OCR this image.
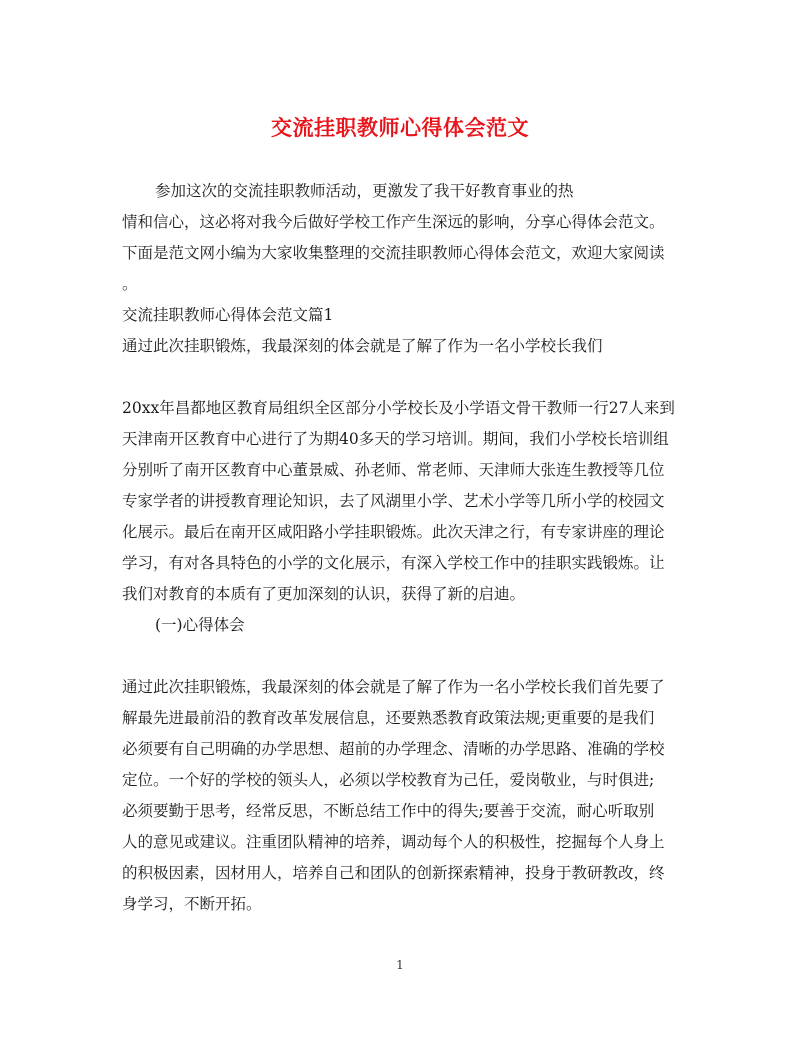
交流挂职教师心得体会范文
参加这次的交流挂职教师活动，更激发了我干好教育事业的热
情和信心，这必将对我今后做好学校工作产生深远的影响，分享心得体会范文。
下面是范文网小编为大家收集整理的交流挂职教师心得体会范文，欢迎大家阅读
。
交流挂职教师心得体会范文篇1
通过此次挂职锻炼，我最深刻的体会就是了解了作为一名小学校长我们
20xx年昌都地区教育局组织全区部分小学校长及小学语文骨干教师一行27人来到
天津南开区教育中心进行了为期40多天的学习培训。期间，我们小学校长培训组
分别听了南开区教育中心董景威、孙老师、常老师、天津师大张连生教授等几位
专家学者的讲授教育理论知识，去了风湖里小学、艺术小学等几所小学的校园文
化展示。最后在南开区咸阳路小学挂职锻炼。此次天津之行，有专家讲座的理论
学习，有对各具特色的小学的文化展示，有深入学校工作中的挂职实践锻炼。让
我们对教育的本质有了更加深刻的认识，获得了新的启迪。
(一)心得体会
通过此次挂职锻炼，我最深刻的体会就是了解了作为一名小学校长我们首先要了
解最先进最前沿的教育改革发展信息，还要熟悉教育政策法规;更重要的是我们
必须要有自己明确的办学思想、超前的办学理念、清晰的办学思路、准确的学校
定位。一个好的学校的领头人，必须以学校教育为己任，爱岗敬业，与时俱进;
必须要勤于思考，经常反思，不断总结工作中的得失;要善于交流，耐心听取别
人的意见或建议。注重团队精神的培养，调动每个人的积极性，挖掘每个人身上
的积极因素，因材用人，培养自己和团队的创新探索精神，投身于教研教改，终
身学习，不断开拓。
1
